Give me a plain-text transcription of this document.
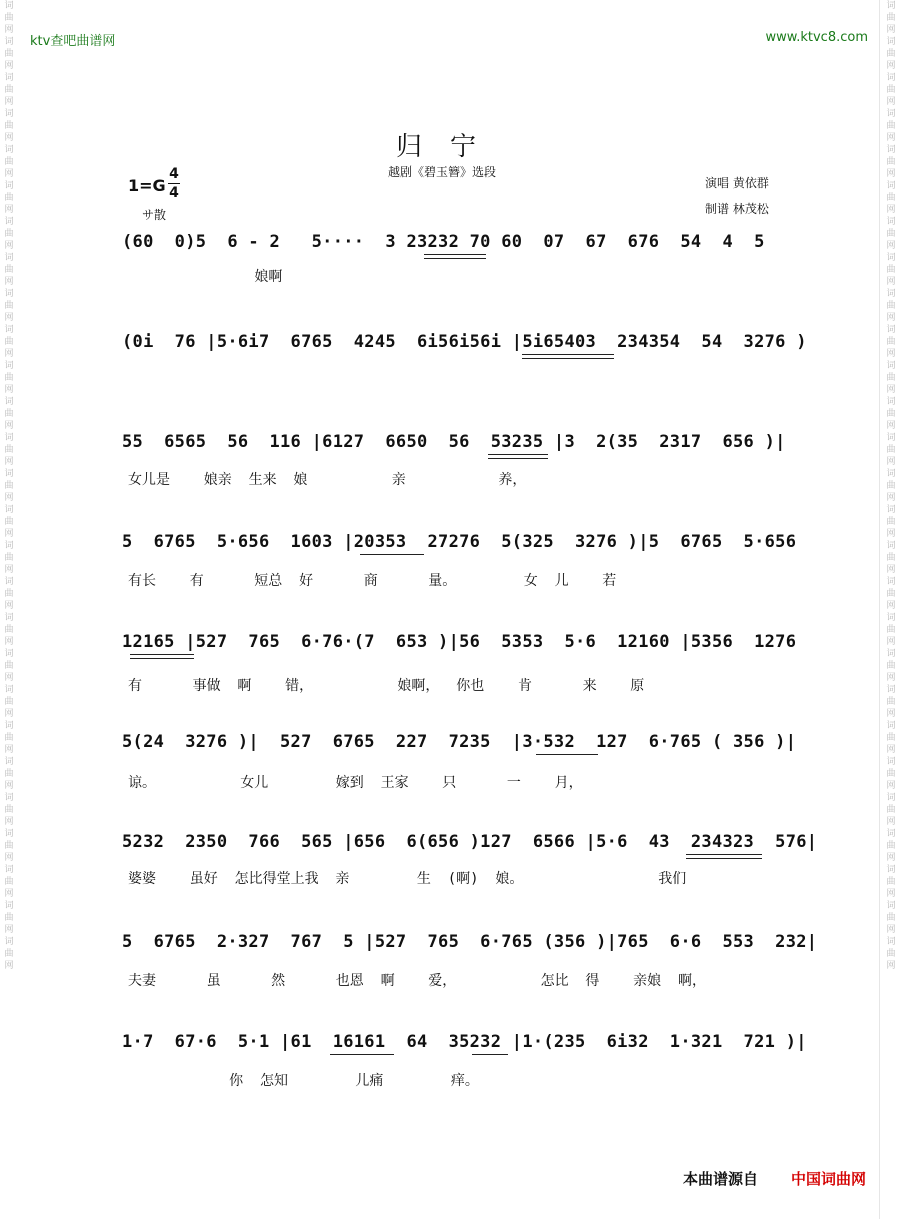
词 曲 网 词 曲 网 词 曲 网 词 曲 网 词 曲 网 词 曲 网 词 曲 网 词 曲 网 词 曲 网 词 曲 网 词 曲 网 词 曲 网 词 曲 网 词 曲 网 词 曲 网 词 曲 网 词 曲 网 词 曲 网 词 曲 网 词 曲 网 词 曲 网 词 曲 网 词 曲 网 词 曲 网 词 曲 网 词 曲 网 词 曲 网
词 曲 网 词 曲 网 词 曲 网 词 曲 网 词 曲 网 词 曲 网 词 曲 网 词 曲 网 词 曲 网 词 曲 网 词 曲 网 词 曲 网 词 曲 网 词 曲 网 词 曲 网 词 曲 网 词 曲 网 词 曲 网 词 曲 网 词 曲 网 词 曲 网 词 曲 网 词 曲 网 词 曲 网 词 曲 网 词 曲 网 词 曲 网
ktv查吧曲谱网	www.ktvc8.com
归宁
越剧《碧玉簪》选段
1=G
4
4
サ散
演唱 黄依群
制谱 林茂松
(60  0)5  6 - 2   5····  3 23232 70 60  07  67  676  54  4  5
娘啊
(0i  76 |5·6i7  6765  4245  6i56i56i |5i65403  234354  54  3276 )
55  6565  56  116 |6127  6650  56  53235 |3  2(35  2317  656 )|
女儿是    娘亲  生来  娘          亲           养，
5  6765  5·656  1603 |20353  27276  5(325  3276 )|5  6765  5·656
有长    有      短总  好      商      量。        女  儿    若
12165 |527  765  6·76·(7  653 )|56  5353  5·6  12160 |5356  1276
有      事做  啊    错，          娘啊，  你也    肯      来    原
5(24  3276 )|  527  6765  227  7235  |3·532  127  6·765 ( 356 )|
谅。          女儿        嫁到  王家    只      一    月，
5232  2350  766  565 |656  6(656 )127  6566 |5·6  43  234323  576|
婆婆    虽好  怎比得堂上我  亲        生  (啊)  娘。                我们
5  6765  2·327  767  5 |527  765  6·765 (356 )|765  6·6  553  232|
夫妻      虽      然      也恩  啊    爱，          怎比  得    亲娘  啊，
1·7  67·6  5·1 |61  16161  64  35232 |1·(235  6i32  1·321  721 )|
你  怎知        儿痛        痒。
本曲谱源自 中国词曲网
